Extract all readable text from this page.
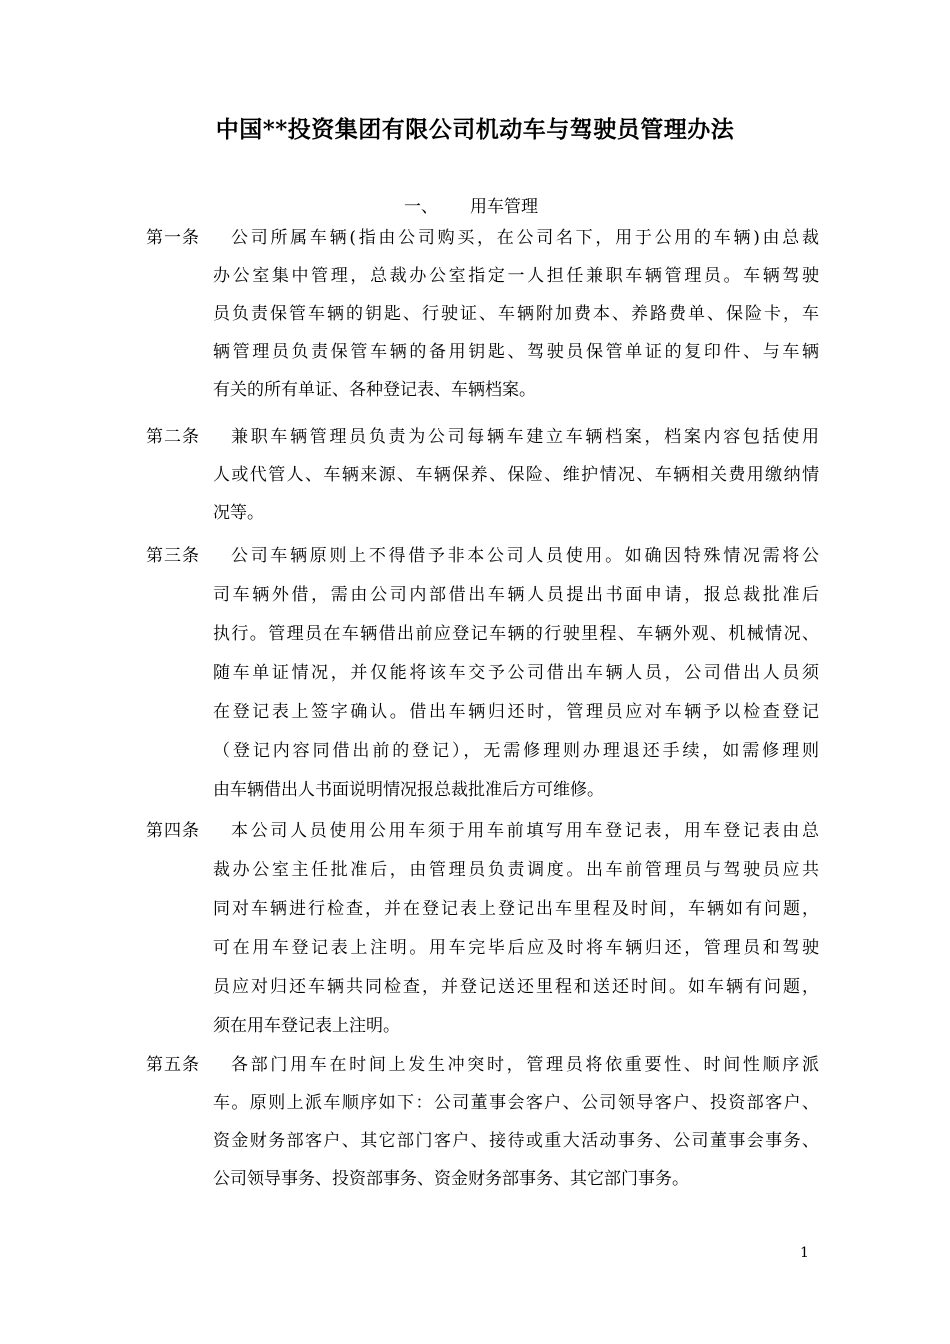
中国**投资集团有限公司机动车与驾驶员管理办法
一、 用车管理
第一条 公司所属车辆(指由公司购买，在公司名下，用于公用的车辆)由总裁
办公室集中管理，总裁办公室指定一人担任兼职车辆管理员。车辆驾驶
员负责保管车辆的钥匙、行驶证、车辆附加费本、养路费单、保险卡，车
辆管理员负责保管车辆的备用钥匙、驾驶员保管单证的复印件、与车辆
有关的所有单证、各种登记表、车辆档案。
第二条 兼职车辆管理员负责为公司每辆车建立车辆档案，档案内容包括使用
人或代管人、车辆来源、车辆保养、保险、维护情况、车辆相关费用缴纳情
况等。
第三条 公司车辆原则上不得借予非本公司人员使用。如确因特殊情况需将公
司车辆外借，需由公司内部借出车辆人员提出书面申请，报总裁批准后
执行。管理员在车辆借出前应登记车辆的行驶里程、车辆外观、机械情况、
随车单证情况，并仅能将该车交予公司借出车辆人员，公司借出人员须
在登记表上签字确认。借出车辆归还时，管理员应对车辆予以检查登记
（登记内容同借出前的登记），无需修理则办理退还手续，如需修理则
由车辆借出人书面说明情况报总裁批准后方可维修。
第四条 本公司人员使用公用车须于用车前填写用车登记表，用车登记表由总
裁办公室主任批准后，由管理员负责调度。出车前管理员与驾驶员应共
同对车辆进行检查，并在登记表上登记出车里程及时间，车辆如有问题，
可在用车登记表上注明。用车完毕后应及时将车辆归还，管理员和驾驶
员应对归还车辆共同检查，并登记送还里程和送还时间。如车辆有问题，
须在用车登记表上注明。
第五条 各部门用车在时间上发生冲突时，管理员将依重要性、时间性顺序派
车。原则上派车顺序如下：公司董事会客户、公司领导客户、投资部客户、
资金财务部客户、其它部门客户、接待或重大活动事务、公司董事会事务、
公司领导事务、投资部事务、资金财务部事务、其它部门事务。
1
